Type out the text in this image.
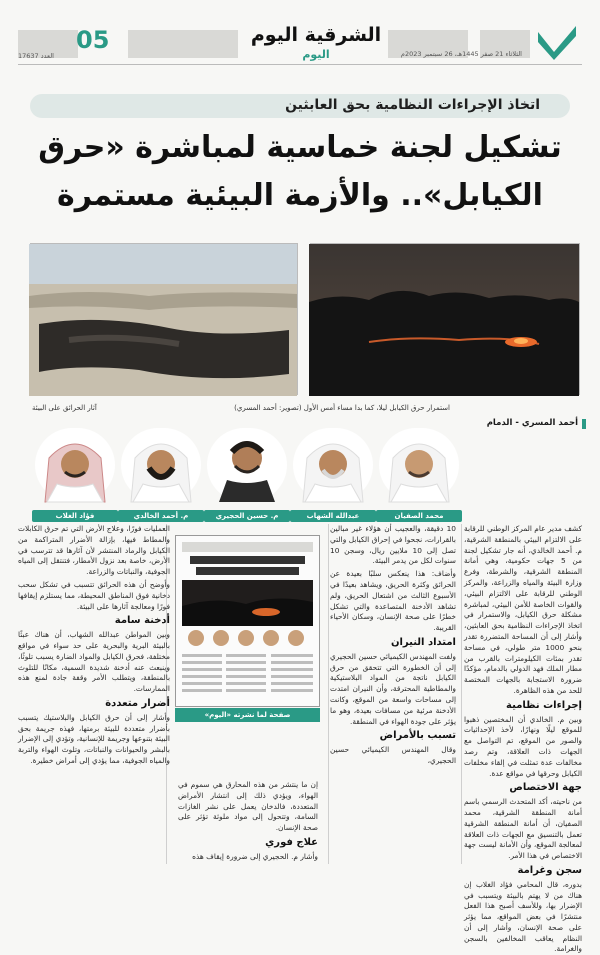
الشرقية اليوم
اليوم
05	الثلاثاء 21 صفر 1445هـ، 26 سبتمبر 2023م
العدد 17637
اتخاذ الإجراءات النظامية بحق العابثين
تشكيل لجنة خماسية لمباشرة «حرق
الكيابل».. والأزمة البيئية مستمرة
استمرار حرق الكيابل ليلا، كما بدا مساء أمس الأول (تصوير: أحمد المسري)
آثار الحرائق على البيئة
أحمد المسري - الدمام
محمد الصفيان
عبدالله الشهاب
م. حسين الحجيري
م. أحمد الخالدي
فؤاد الغلاب

كشف مدير عام المركز الوطني للرقابة على الالتزام البيئي بالمنطقة الشرقية، م. أحمد الخالدي، أنه جار تشكيل لجنة من 5 جهات حكومية، وهي أمانة المنطقة الشرقية، والشرطة، وفرع وزارة البيئة والمياه والزراعة، والمركز الوطني للرقابة على الالتزام البيئي، والقوات الخاصة للأمن البيئي، لمباشرة مشكلة حرق الكيابل، والاستمرار في اتخاذ الإجراءات النظامية بحق العابثين، وأشار إلى أن المساحة المتضررة تقدر بنحو 1000 متر طولي، في مساحة تقدر بمئات الكيلومترات بالقرب من مطار الملك فهد الدولي بالدمام، مؤكدًا ضرورة الاستجابة بالجهات المختصة للحد من هذه الظاهرة.

إجراءات نظامية

وبين م. الخالدي أن المختصين ذهبوا للموقع ليلًا ونهارًا، لأخذ الإحداثيات والصور من الموقع، تم التواصل مع الجهات ذات العلاقة، وتم رصد مخالفات عدة تمثلت في إلقاء مخلفات الكيابل وحرقها في مواقع عدة.

جهة الاختصاص

من ناحيته، أكد المتحدث الرسمي باسم أمانة المنطقة الشرقية، محمد الصفيان، أن أمانة المنطقة الشرقية تعمل بالتنسيق مع الجهات ذات العلاقة لمعالجة الموقع، وأن الأمانة ليست جهة الاختصاص في هذا الأمر.

سجن وغرامة

بدوره، قال المحامي فؤاد الغلاب إن هناك من لا يهتم بالبيئة ويتسبب في الإضرار بها، وللأسف أصبح هذا الفعل منتشرًا في بعض المواقع، مما يؤثر على صحة الإنسان، وأشار إلى أن النظام يعاقب المخالفين بالسجن والغرامة.

10 دقيقة، والعجيب أن هؤلاء غير مبالين بالقرارات، نجحوا في إحراق الكيابل والتي تصل إلى 10 ملايين ريال، وسجن 10 سنوات لكل من يدمر البيئة.

وأضاف: هذا ينعكس سلبًا بعيدة عن الحرائق وكثرة الحريق، ويشاهد بعيدًا في الأسبوع الثالث من اشتعال الحريق، ولم تشاهد الأدخنة المتصاعدة والتي تشكل خطرًا على صحة الإنسان، وسكان الأحياء القريبة.

امتداد النيران

ولفت المهندس الكيميائي حسين الحجيري إلى أن الخطورة التي تتحقق من حرق الكيابل ناتجة من المواد البلاستيكية والمطاطية المحترقة، وأن النيران امتدت إلى مساحات واسعة من الموقع، وكانت الأدخنة مرئية من مسافات بعيدة، وهو ما يؤثر على جودة الهواء في المنطقة.

تسبب بالأمراض

وقال المهندس الكيميائي حسين الحجيري،

صفحة لما نشرته «اليوم»

إن ما ينتشر من هذه المحارق هي سموم في الهواء، ويؤدي ذلك إلى انتشار الأمراض المتعددة، فالدخان يعمل على نشر الغازات السامة، وتتحول إلى مواد ملوثة تؤثر على صحة الإنسان.

علاج فوري

وأشار م. الحجيري إلى ضرورة إيقاف هذه

العمليات فورًا، وعلاج الأرض التي تم حرق الكابلات والمطاط فيها، بإزالة الأضرار المتراكمة من الكيابل والرماد المنتشر لأن آثارها قد تترسب في الأرض، خاصة بعد نزول الأمطار، فتنتقل إلى المياه الجوفية، والنباتات والزراعة.

وأوضح أن هذه الحرائق تتسبب في تشكل سحب دخانية فوق المناطق المحيطة، مما يستلزم إيقافها فورًا ومعالجة آثارها على البيئة.

أدخنة سامة

وبين المواطن عبدالله الشهاب، أن هناك عبثًا بالبيئة البرية والبحرية على حد سواء في مواقع مختلفة، فحرق الكيابل والمواد الضارة يسبب تلوثًا، وينبعث عنه أدخنة شديدة السمية، مكانًا للتلوث بالمنطقة، ويتطلب الأمر وقفة جادة لمنع هذه الممارسات.

أضرار متعددة

وأشار إلى أن حرق الكيابل والبلاستيك يتسبب بأضرار متعددة للبيئة برمتها، فهذه جريمة بحق البيئة بتنوعها وجريمة للإنسانية، وتؤدي إلى الإضرار بالبشر والحيوانات والنباتات، وتلوث الهواء والتربة والمياه الجوفية، مما يؤدي إلى أمراض خطيرة.
